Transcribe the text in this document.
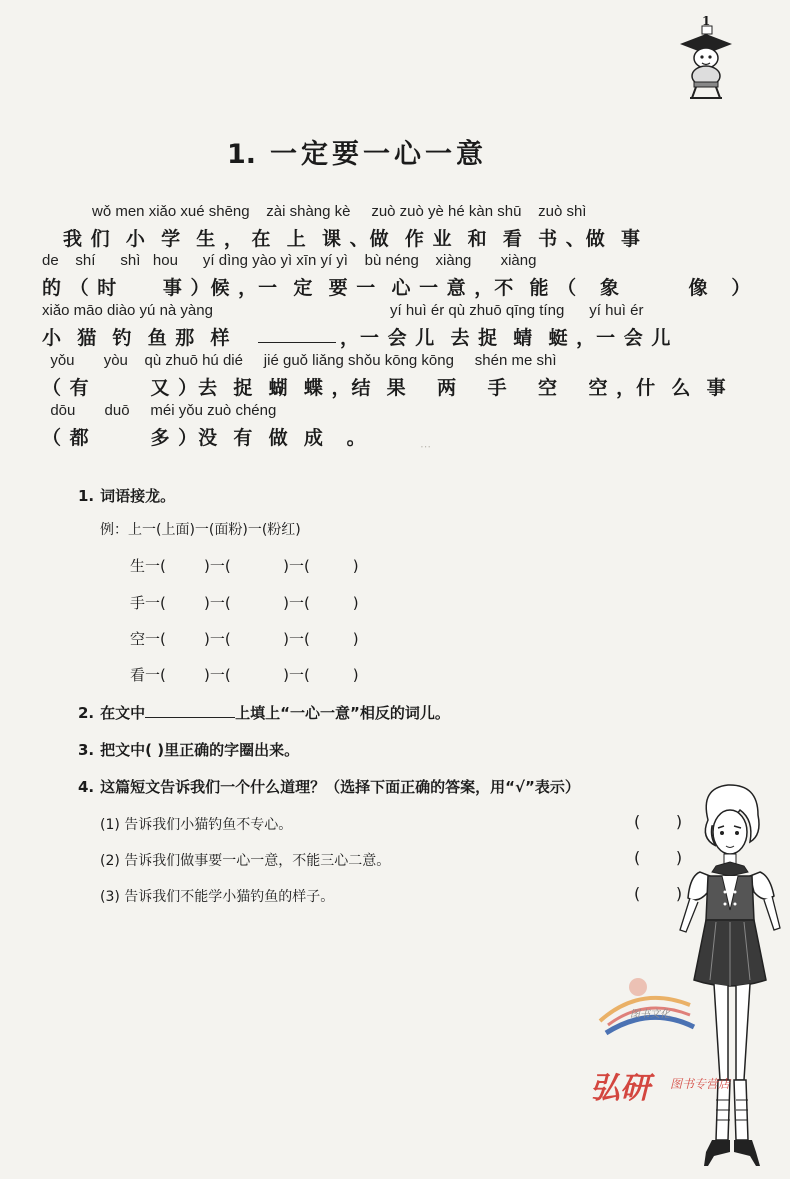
1
1. 一定要一心一意
wǒ men xiǎo xué shēng    zài shàng kè     zuò zuò yè hé kàn shū    zuò shì
我 们  小  学  生 ， 在  上  课 、做  作 业  和  看  书 、做  事
de    shí      shì   hou      yí dìng yào yì xīn yí yì    bù néng    xiàng       xiàng
的 （ 时      事 ）候 ，一  定  要 一  心 一 意 ，不  能 （   象         像   ）
xiǎo māo diào yú nà yàng	yí huì ér qù zhuō qīng tíng      yí huì ér
小  猫  钓  鱼 那  样	，一 会 儿  去 捉  蜻  蜓 ，一 会 儿
yǒu       yòu    qù zhuō hú dié     jié guǒ liǎng shǒu kōng kōng     shén me shì
（ 有        又 ）去  捉  蝴  蝶 ，结  果    两    手    空    空 ，什  么  事
dōu       duō     méi yǒu zuò chéng
（ 都        多 ）没  有  做  成   。	⋯
1. 词语接龙。
例：上一(上面)一(面粉)一(粉红)
生一(        )一(           )一(         )
手一(        )一(           )一(         )
空一(        )一(           )一(         )
看一(        )一(           )一(         )
2. 在文中	上填上“一心一意”相反的词儿。
3. 把文中( )里正确的字圈出来。
4. 这篇短文告诉我们一个什么道理？（选择下面正确的答案，用“√”表示）
(1) 告诉我们小猫钓鱼不专心。	(       )
(2) 告诉我们做事要一心一意，不能三心二意。	(       )
(3) 告诉我们不能学小猫钓鱼的样子。	(       )
图书文化
弘研 图书专营店
